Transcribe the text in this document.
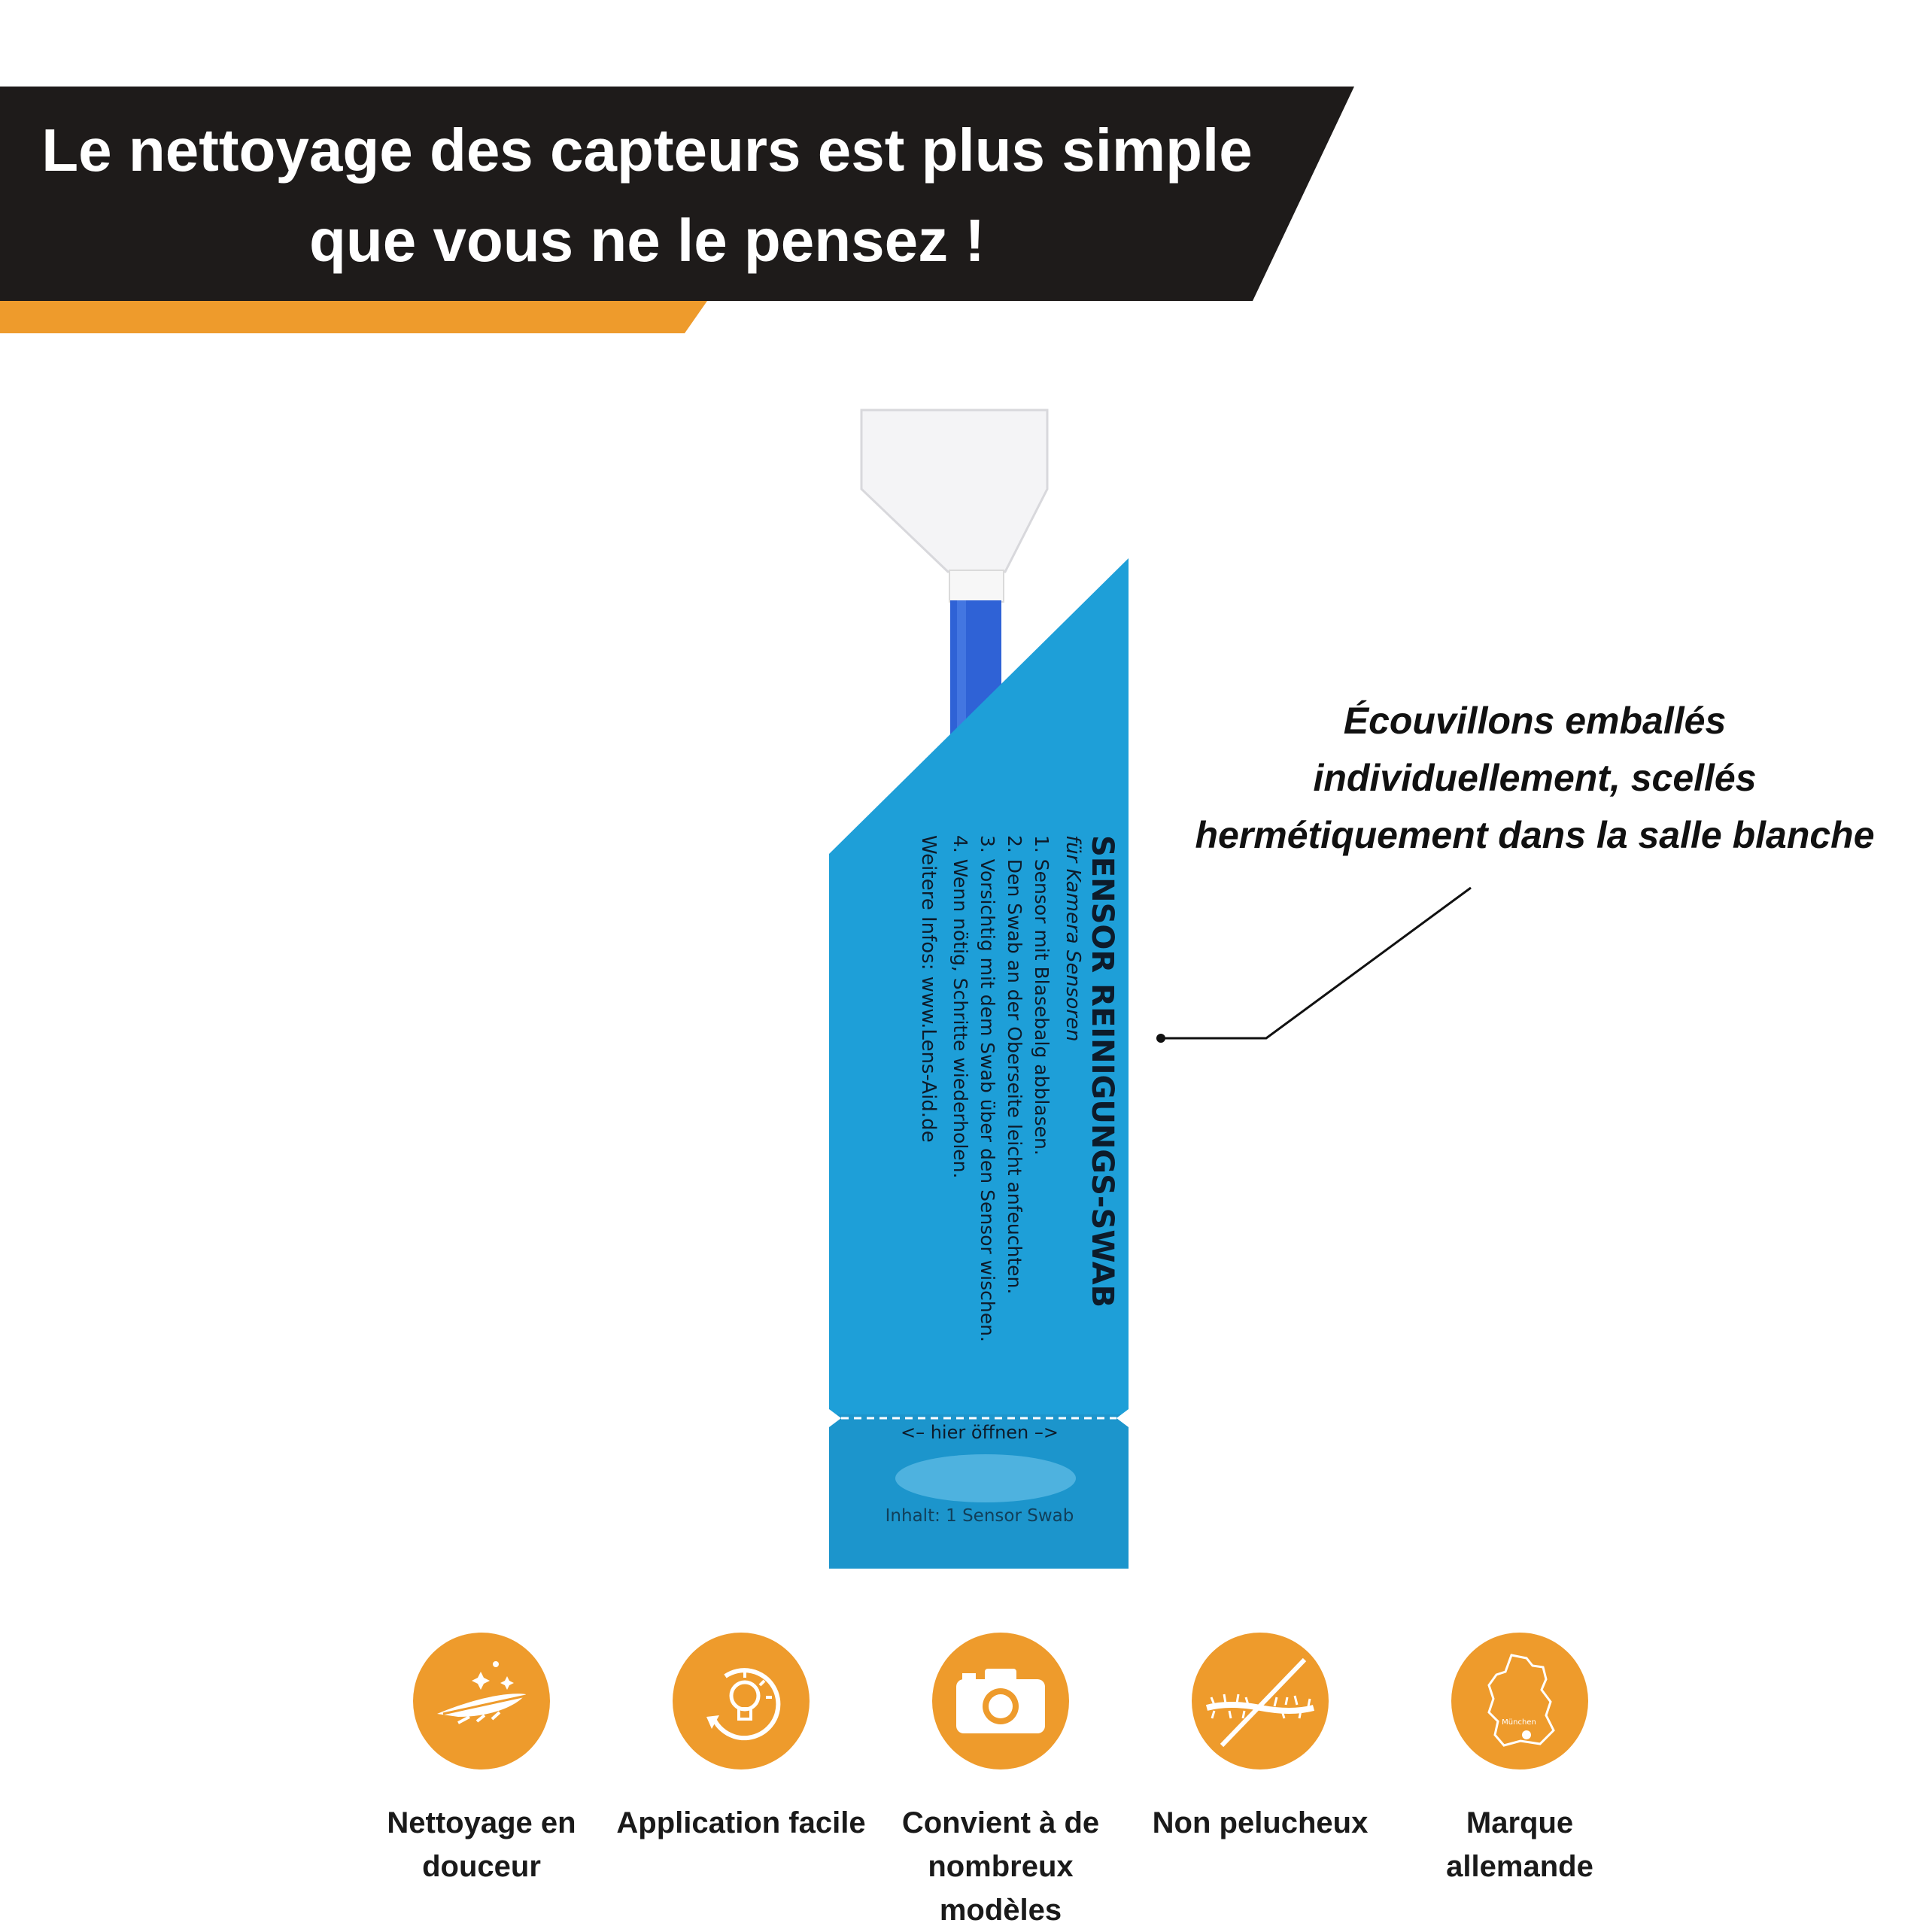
Le nettoyage des capteurs est plus simple
que vous ne le pensez !
SENSOR REINIGUNGS-SWAB
für Kamera Sensoren
1. Sensor mit Blasebalg abblasen.
2. Den Swab an der Oberseite leicht anfeuchten.
3. Vorsichtig mit dem Swab über den Sensor wischen.
4. Wenn nötig, Schritte wiederholen.
Weitere Infos: www.Lens-Aid.de
<– hier öffnen –>
Inhalt: 1 Sensor Swab
Écouvillons emballés
individuellement, scellés
hermétiquement dans la salle blanche
Nettoyage en
douceur
Application facile	Convient à de
nombreux
modèles
Non pelucheux
München
Marque
allemande
